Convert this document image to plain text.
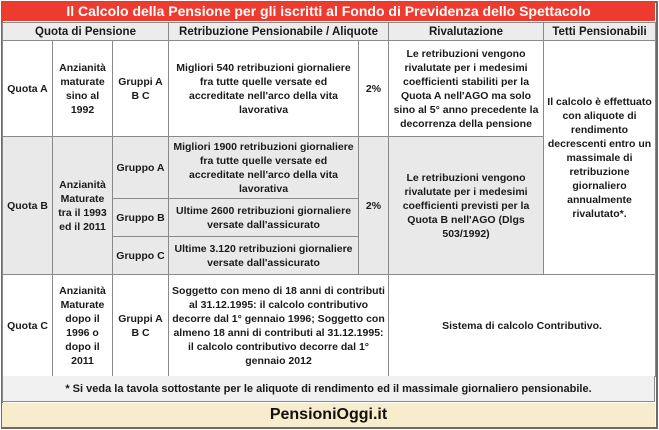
Il Calcolo della Pensione per gli iscritti al Fondo di Previdenza dello Spettacolo
Quota di Pensione			Retribuzione Pensionabile / Aliquote		Rivalutazione	Tetti Pensionabili
Quota A	Anzianità maturate sino al 1992	Gruppi A B C	Migliori 540 retribuzioni giornaliere fra tutte quelle versate ed accreditate nell'arco della vita lavorativa	2%	Le retribuzioni vengono rivalutate per i medesimi coefficienti stabiliti per la Quota A nell'AGO ma solo sino al 5° anno precedente la decorrenza della pensione	Il calcolo è effettuato con aliquote di rendimento decrescenti entro un massimale di retribuzione giornaliero annualmente rivalutato*.
Quota B	Anzianità Maturate tra il 1993 ed il 2011	Gruppo A	Migliori 1900 retribuzioni giornaliere fra tutte quelle versate ed accreditate nell'arco della vita lavorativa	2%	Le retribuzioni vengono rivalutate per i medesimi coefficienti previsti per la Quota B nell'AGO (Dlgs 503/1992)	
		Gruppo B	Ultime 2600 retribuzioni giornaliere versate dall'assicurato			
		Gruppo C	Ultime 3.120 retribuzioni giornaliere versate dall'assicurato			
Quota C	Anzianità Maturate dopo il 1996 o dopo il 2011	Gruppi A B C	Soggetto con meno di 18 anni di contributi al 31.12.1995: il calcolo contributivo decorre dal 1° gennaio 1996; Soggetto con almeno 18 anni di contributi al 31.12.1995: il calcolo contributivo decorre dal 1° gennaio 2012		Sistema di calcolo Contributivo.	
* Si veda la tavola sottostante per le aliquote di rendimento ed il massimale giornaliero pensionabile.
PensioniOggi.it
